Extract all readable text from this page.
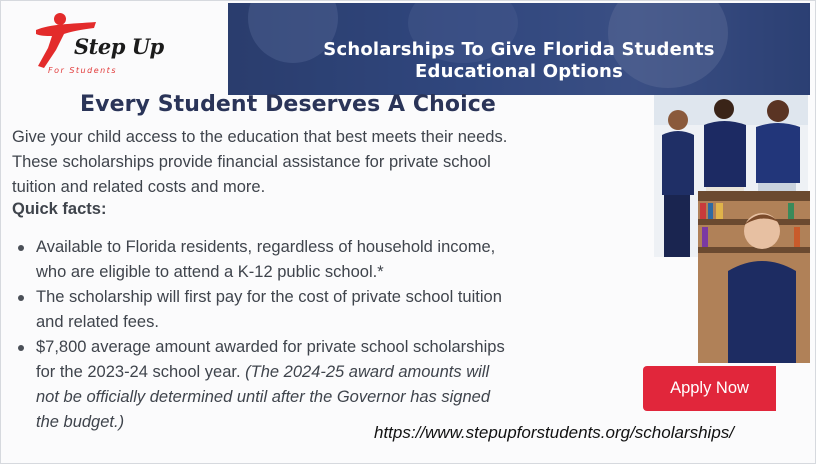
Step Up
For Students
Scholarships To Give Florida Students
Educational Options
Every Student Deserves A Choice
Give your child access to the education that best meets their needs.
These scholarships provide financial assistance for private school
tuition and related costs and more.
Quick facts:
Available to Florida residents, regardless of household income,
who are eligible to attend a K-12 public school.*
The scholarship will first pay for the cost of private school tuition
and related fees.
$7,800 average amount awarded for private school scholarships
for the 2023-24 school year. (The 2024-25 award amounts will
not be officially determined until after the Governor has signed
the budget.)
Apply Now
https://www.stepupforstudents.org/scholarships/
